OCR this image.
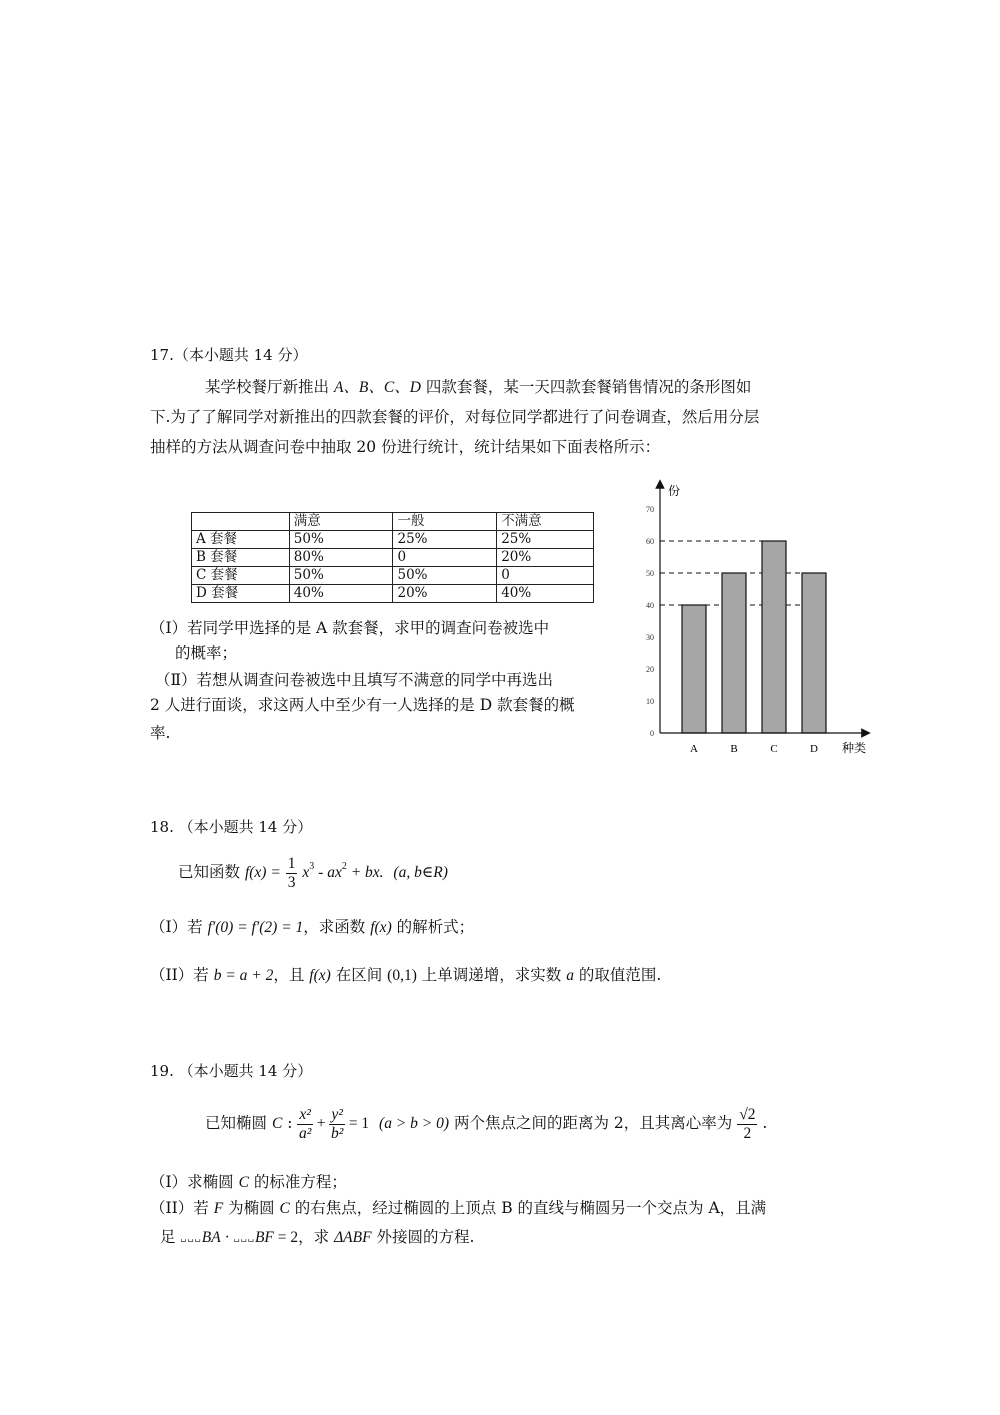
17.（本小题共 14 分）
某学校餐厅新推出 A、B、C、D 四款套餐，某一天四款套餐销售情况的条形图如
下.为了了解同学对新推出的四款套餐的评价，对每位同学都进行了问卷调查，然后用分层
抽样的方法从调查问卷中抽取 20 份进行统计，统计结果如下面表格所示：
	满意	一般	不满意
A 套餐	50%	25%	25%
B 套餐	80%	0	20%
C 套餐	50%	50%	0
D 套餐	40%	20%	40%
（Ⅰ）若同学甲选择的是 A 款套餐，求甲的调查问卷被选中
的概率；
（Ⅱ）若想从调查问卷被选中且填写不满意的同学中再选出
2 人进行面谈，求这两人中至少有一人选择的是 D 款套餐的概
率.
A	B	C	D
0
10
20
30
40
50
60
70
份
种类
18. （本小题共 14 分）
已知函数 $f(x) = \frac{1}{3} x^3 - ax^2$ + bx. (a, b∈R)
（I）若 f′(0) = f′(2) = 1，求函数 f(x) 的解析式；
（II）若 b = a + 2，且 f(x) 在区间 (0,1) 上单调递增，求实数 a 的取值范围.
19. （本小题共 14 分）
已知椭圆 C : $\frac{\text{x²}}{\text{a²}} + \frac{\text{y²}}{\text{b²}} = 1$ (a > b > 0) 两个焦点之间的距离为 2，且其离心率为 $\frac{√2}{2}$ .
（I）求椭圆 C 的标准方程；
（II）若 F 为椭圆 C 的右焦点，经过椭圆的上顶点 B 的直线与椭圆另一个交点为 A，且满
足 ␣␣␣BA · ␣␣␣BF = 2，求 ΔABF 外接圆的方程.
